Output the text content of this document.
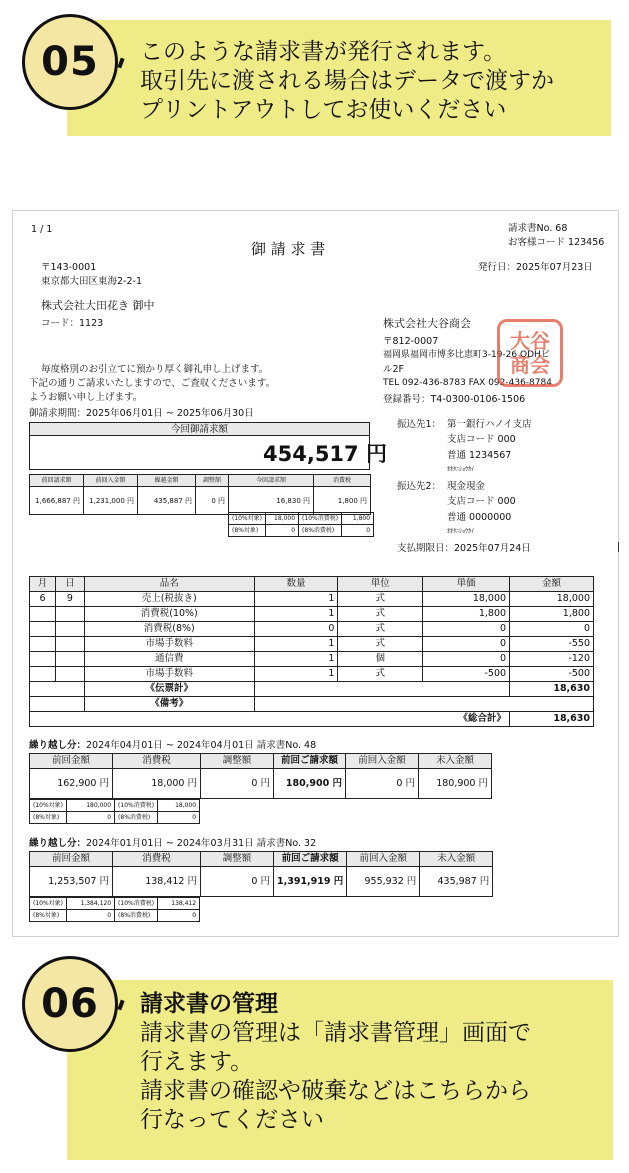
05 このような請求書が発行されます。
取引先に渡される場合はデータで渡すか
プリントアウトしてお使いください
1 / 1
御 請 求 書
請求書No. 68
お客様コード 123456
発行日：2025年07月23日
〒143-0001
東京都大田区東海2-2-1
株式会社大田花き 御中
コード：1123
毎度格別のお引立てに預かり厚く御礼申し上げます。
下記の通りご請求いたしますので、ご査収くださいます。
ようお願い申し上げます。
御請求期間：2025年06月01日 ~ 2025年06月30日
株式会社大谷商会
〒812-0007
福岡県福岡市博多比恵町3-19-26 ODHビ
ル2F
TEL 092-436-8783 FAX 092-436-8784
登録番号：T4-0300-0106-1506
大谷商会
今回御請求額
454,517 円
前回請求額	前回入金額	繰越金額	調整額	今回請求額	消費税
1,666,887 円	1,231,000 円	435,887 円	0 円	16,830 円	1,800 円
(10%対象)	18,000	(10%消費税)	1,800
(8%対象)	0	(8%消費税)	0
振込先1： 第一銀行ハノイ支店
支店コード 000
普通 1234567
ｵｵﾀﾆｼｮｳｶｲ
振込先2： 現金現金
支店コード 000
普通 0000000
ｵｵﾀﾆｼｮｳｶｲ
支払期限日：2025年07月24日
月	日	品名	数量	単位	単価	金額
6	9	売上(税抜き)	1	式	18,000	18,000
		消費税(10%)	1	式	1,800	1,800
		消費税(8%)	0	式	0	0
		市場手数料	1	式	0	-550
		通信費	1	個	0	-120
		市場手数料	1	式	-500	-500
		《伝票計》				18,630
		《備考》				
《総合計》						18,630
繰り越し分：2024年04月01日 ~ 2024年04月01日 請求書No. 48
前回金額	消費税	調整額	前回ご請求額	前回入金額	未入金額
162,900 円	18,000 円	0 円	180,900 円	0 円	180,900 円
(10%対象)	180,000	(10%消費税)	18,000
(8%対象)	0	(8%消費税)	0
繰り越し分：2024年01月01日 ~ 2024年03月31日 請求書No. 32
前回金額	消費税	調整額	前回ご請求額	前回入金額	未入金額
1,253,507 円	138,412 円	0 円	1,391,919 円	955,932 円	435,987 円
(10%対象)	1,384,120	(10%消費税)	138,412
(8%対象)	0	(8%消費税)	0
06 請求書の管理
請求書の管理は「請求書管理」画面で
行えます。
請求書の確認や破棄などはこちらから
行なってください
